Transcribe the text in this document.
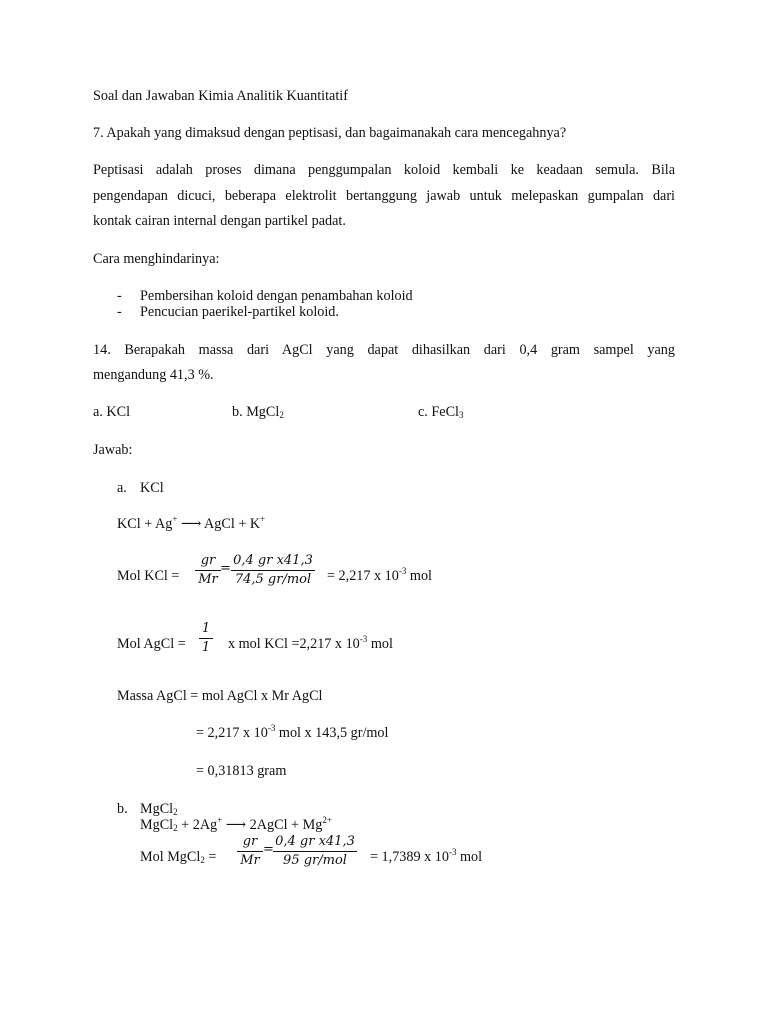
Soal dan Jawaban Kimia Analitik Kuantitatif
7. Apakah yang dimaksud dengan peptisasi, dan bagaimanakah cara mencegahnya?
Peptisasi adalah proses dimana penggumpalan koloid kembali ke keadaan semula. Bila
pengendapan dicuci, beberapa elektrolit bertanggung jawab untuk melepaskan gumpalan dari
kontak cairan internal dengan partikel padat.
Cara menghindarinya:
- Pembersihan koloid dengan penambahan koloid
- Pencucian paerikel-partikel koloid.
14. Berapakah massa dari AgCl yang dapat dihasilkan dari 0,4 gram sampel yang
mengandung 41,3 %.
a. KCl	b. MgCl$_2$	c. FeCl$_3$
Jawab:
a. KCl
KCl + Ag+ ⟶ AgCl + K+
Mol KCl =
gr
Mr
=
0,4 gr x41,3
74,5 gr/mol = 2,217 x $10^{-3}$ mol
Mol AgCl =
1
1 x mol KCl =2,217 x $10^{-3}$ mol
Massa AgCl = mol AgCl x Mr AgCl
= 2,217 x $10^{-3}$ mol x 143,5 gr/mol
= 0,31813 gram
b. MgCl$_2$
MgCl$_2$ + 2Ag+ ⟶ 2AgCl + $Mg^{2+}$
Mol MgCl$_2$ =
gr
Mr
=
0,4 gr x41,3
95 gr/mol	= 1,7389 x $10^{-3}$ mol
